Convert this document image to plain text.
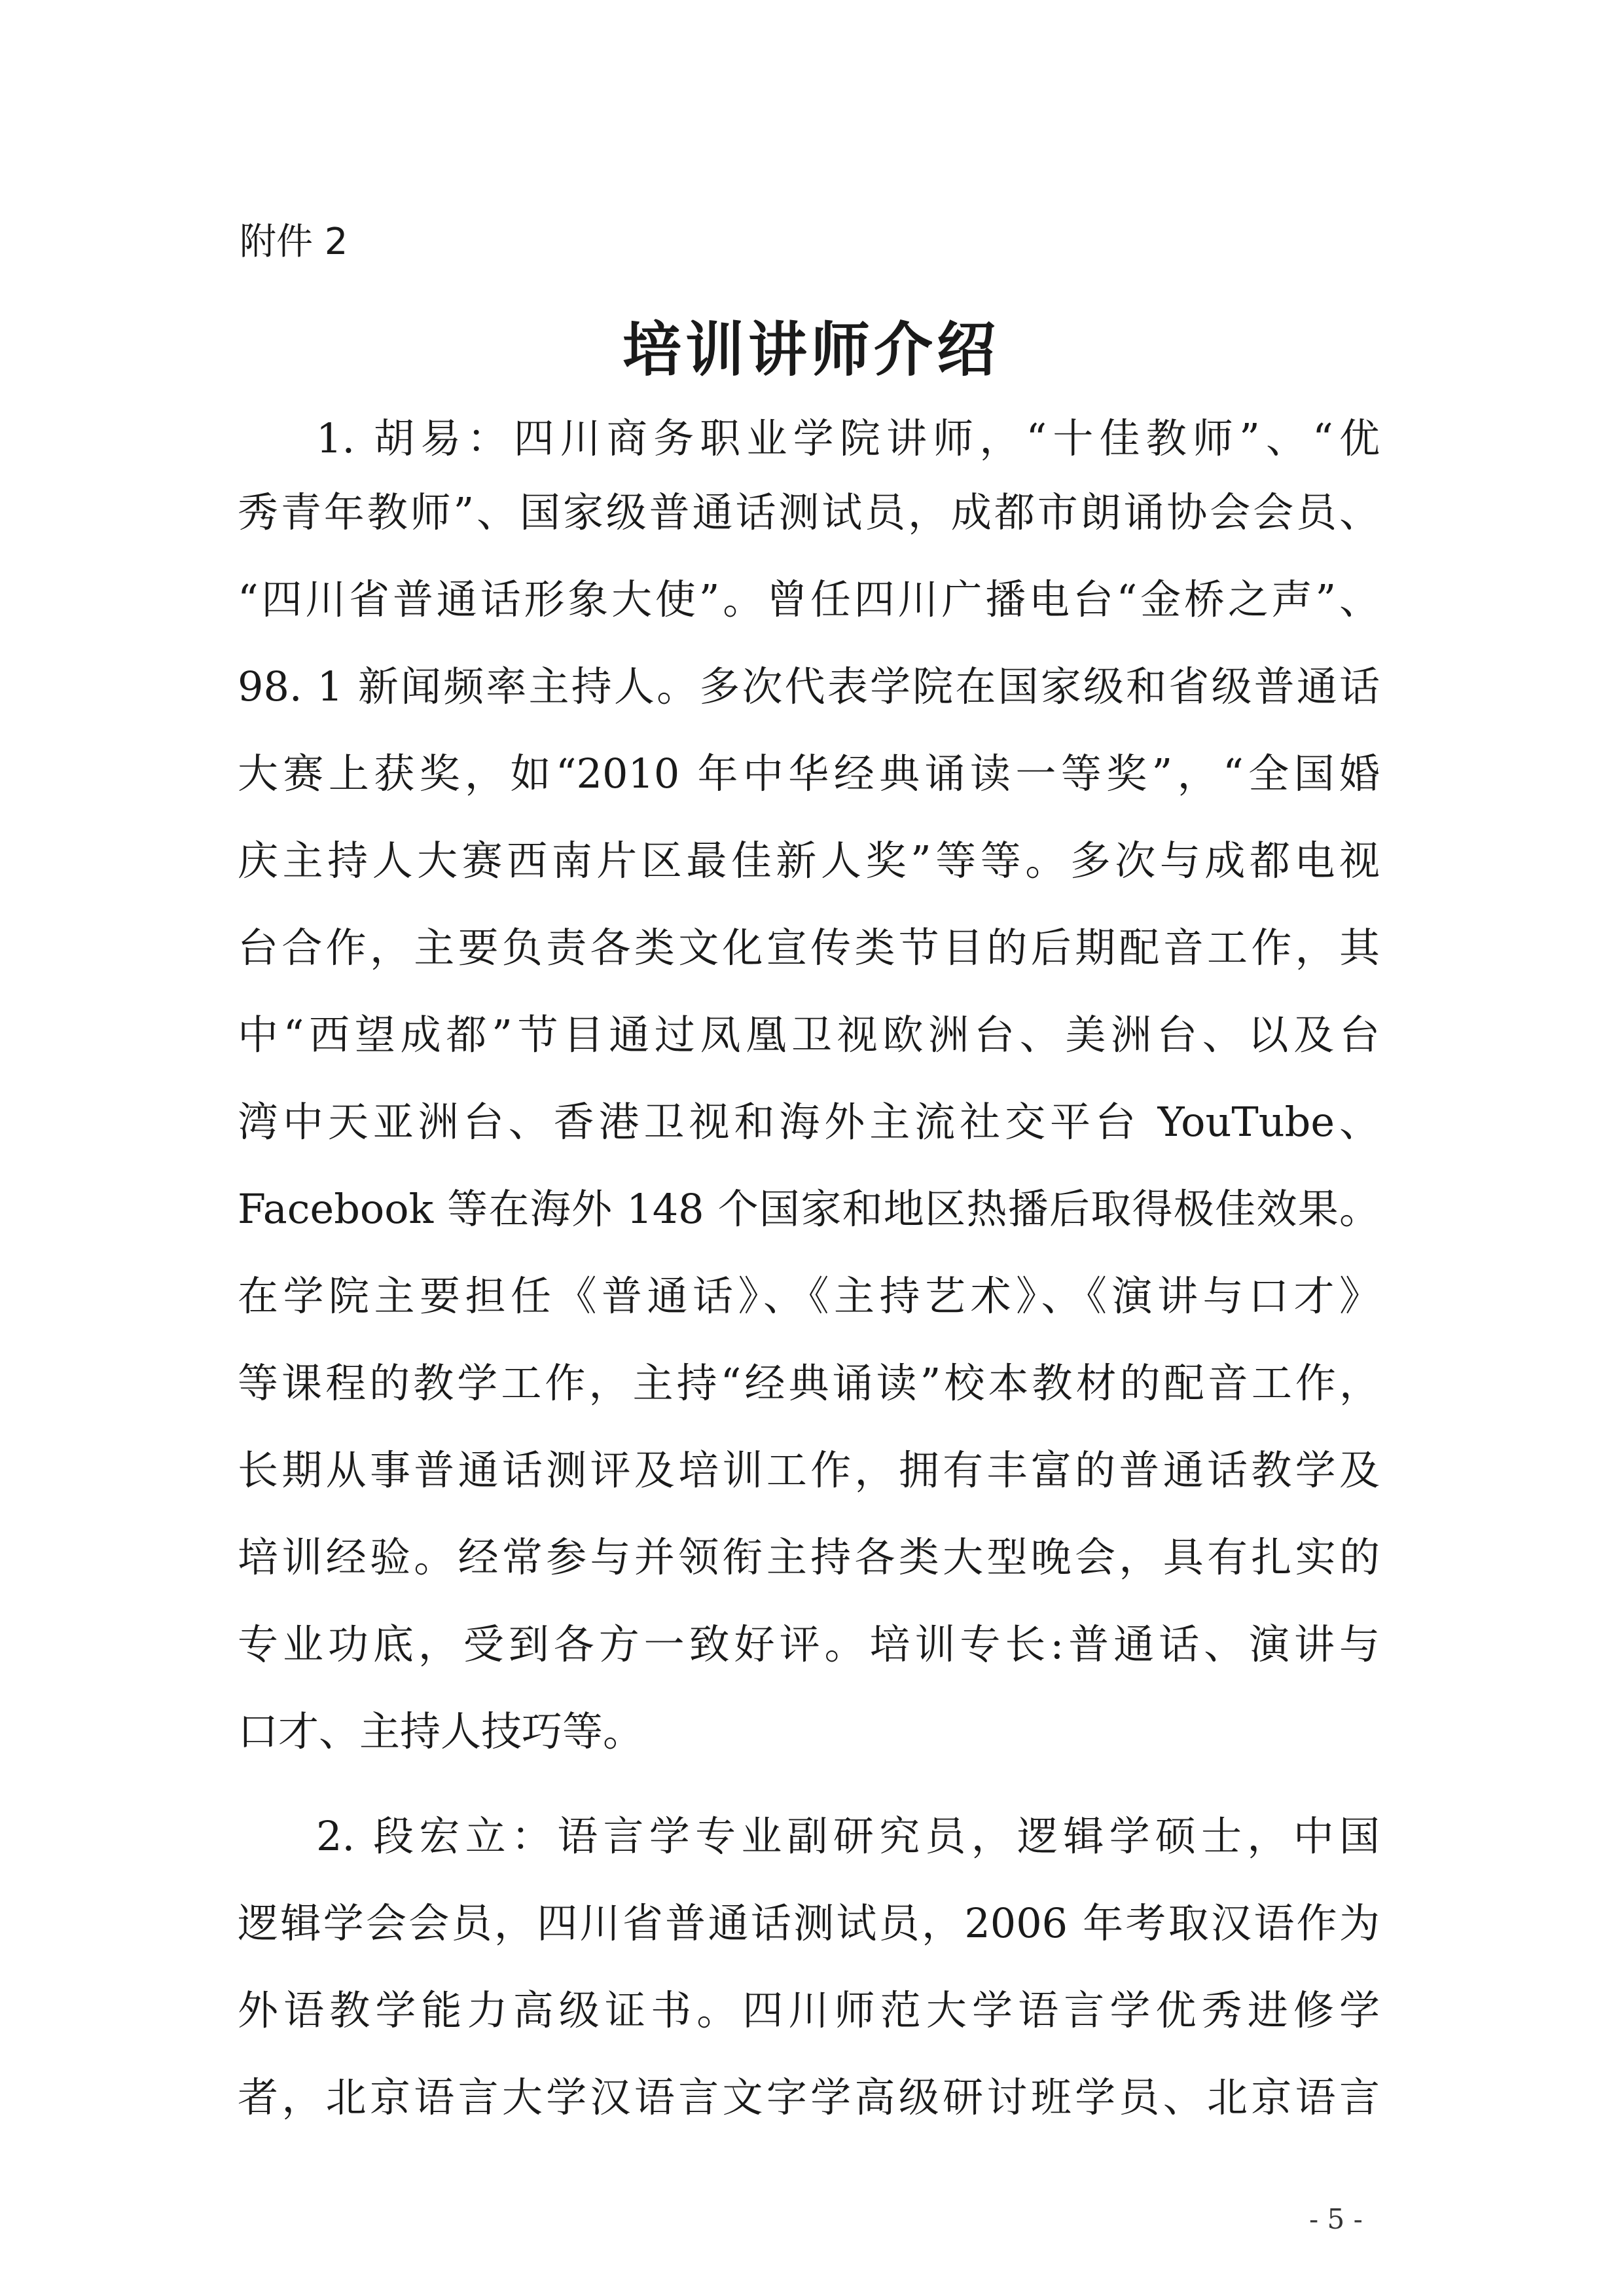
附件 2
培训讲师介绍
1. 胡易：四川商务职业学院讲师，“十佳教师”、“优
秀青年教师”、国家级普通话测试员，成都市朗诵协会会员、
“四川省普通话形象大使”。曾任四川广播电台“金桥之声”、
98. 1 新闻频率主持人。多次代表学院在国家级和省级普通话
大赛上获奖，如“2010 年中华经典诵读一等奖”，“全国婚
庆主持人大赛西南片区最佳新人奖”等等。多次与成都电视
台合作，主要负责各类文化宣传类节目的后期配音工作，其
中“西望成都”节目通过凤凰卫视欧洲台、美洲台、以及台
湾中天亚洲台、香港卫视和海外主流社交平台 YouTube、
Facebook 等在海外 148 个国家和地区热播后取得极佳效果。
在学院主要担任《普通话》、《主持艺术》、《演讲与口才》
等课程的教学工作，主持“经典诵读”校本教材的配音工作，
长期从事普通话测评及培训工作，拥有丰富的普通话教学及
培训经验。经常参与并领衔主持各类大型晚会，具有扎实的
专业功底，受到各方一致好评。培训专长:普通话、演讲与
口才、主持人技巧等。
2. 段宏立：语言学专业副研究员，逻辑学硕士，中国
逻辑学会会员，四川省普通话测试员，2006 年考取汉语作为
外语教学能力高级证书。四川师范大学语言学优秀进修学
者，北京语言大学汉语言文字学高级研讨班学员、北京语言
- 5 -
